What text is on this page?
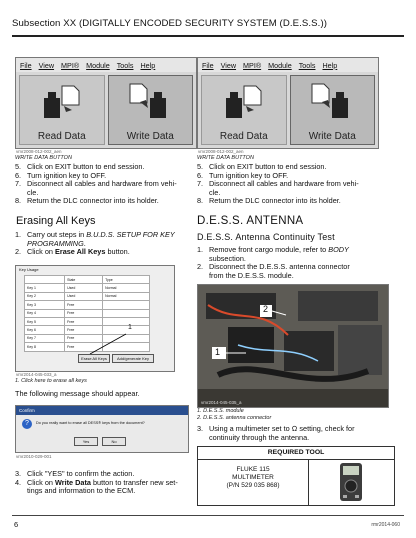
Subsection XX (DIGITALLY ENCODED SECURITY SYSTEM (D.E.S.S.))
File View MPI® Module Tools Help
Read Data	Write Data
vmr2008-012-002_aen
WRITE DATA BUTTON
File View MPI® Module Tools Help
Read Data	Write Data
vmr2008-012-002_aen
WRITE DATA BUTTON
5. Click on EXIT button to end session.
6. Turn ignition key to OFF.
7. Disconnect all cables and hardware from vehi-
cle.
8. Return the DLC connector into its holder.
5. Click on EXIT button to end session.
6. Turn ignition key to OFF.
7. Disconnect all cables and hardware from vehi-
cle.
8. Return the DLC connector into its holder.
Erasing All Keys
1. Carry out steps in B.U.D.S. SETUP FOR KEY
PROGRAMMING.
2. Click on Erase All Keys button.
Key Usage
	State	Type
Key 1	Used	Normal
Key 2	Used	Normal
Key 3	Free	
Key 4	Free	
Key 5	Free	
Key 6	Free	
Key 7	Free	
Key 8	Free	
1
Erase All Keys	Add/generate Key
vmr2014-045-033_a
1. Click here to erase all keys
The following message should appear.
Confirm
?	Do you really want to erase all DESS® keys from the document?
Yes	No
vmr2010-029-001
3. Click "YES" to confirm the action.
4. Click on Write Data button to transfer new set-
tings and information to the ECM.
D.E.S.S. ANTENNA
D.E.S.S. Antenna Continuity Test
1. Remove front cargo module, refer to BODY
subsection.
2. Disconnect the D.E.S.S. antenna connector
from the D.E.S.S. module.
1
2
vmr2014-045-035_a
1. D.E.S.S. module
2. D.E.S.S. antenna connector
3. Using a multimeter set to Ω setting, check for
continuity through the antenna.
REQUIRED TOOL
FLUKE 115
MULTIMETER
(P/N 529 035 868)
6	rmr2014-060
